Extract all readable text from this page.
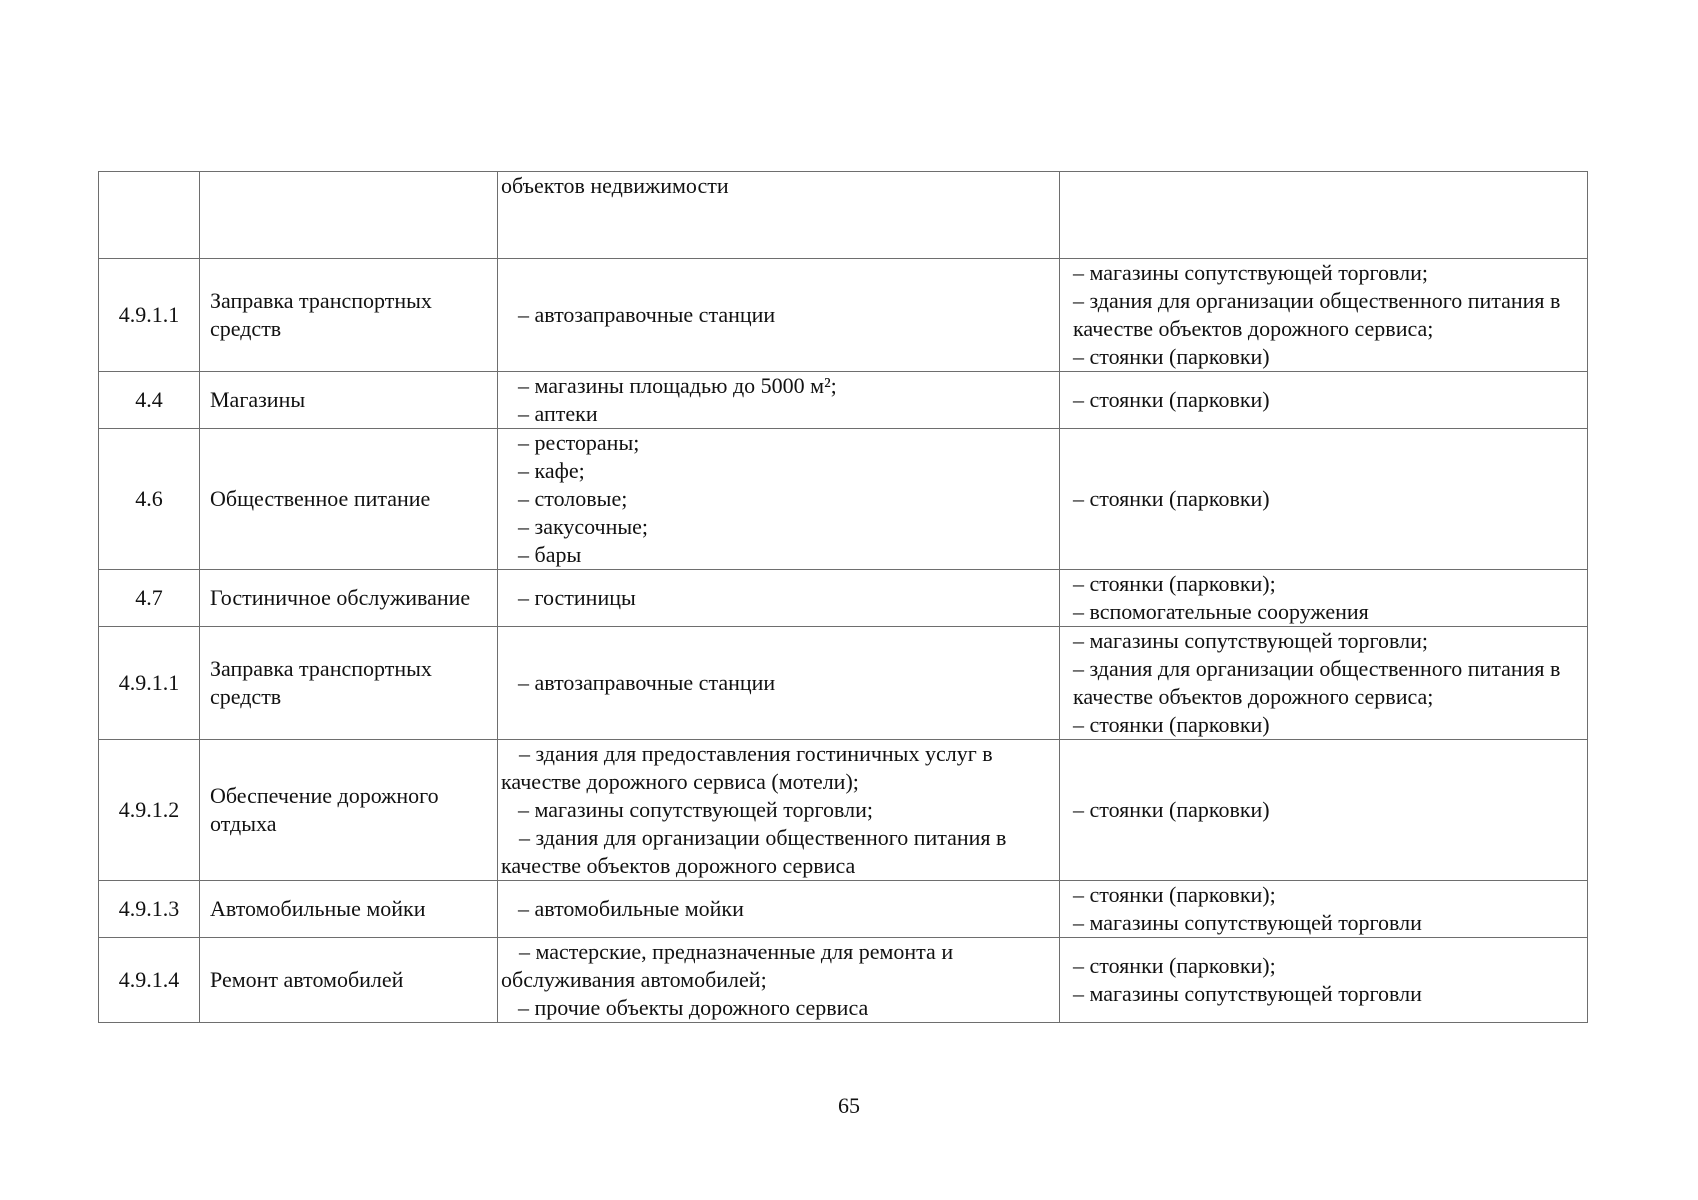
		объектов недвижимости	

4.9.1.1	Заправка транспортных средств	– автозаправочные станции	– магазины сопутствующей торговли;
– здания для организации общественного питания в качестве объектов дорожного сервиса;
– стоянки (парковки)

4.4	Магазины	– магазины площадью до 5000 м²;
– аптеки	– стоянки (парковки)

4.6	Общественное питание	– рестораны;
– кафе;
– столовые;
– закусочные;
– бары	– стоянки (парковки)

4.7	Гостиничное обслуживание	– гостиницы	– стоянки (парковки);
– вспомогательные сооружения

4.9.1.1	Заправка транспортных средств	– автозаправочные станции	– магазины сопутствующей торговли;
– здания для организации общественного питания в качестве объектов дорожного сервиса;
– стоянки (парковки)

4.9.1.2	Обеспечение дорожного отдыха	– здания для предоставления гостиничных услуг в качестве дорожного сервиса (мотели);
– магазины сопутствующей торговли;
– здания для организации общественного питания в качестве объектов дорожного сервиса	– стоянки (парковки)

4.9.1.3	Автомобильные мойки	– автомобильные мойки	– стоянки (парковки);
– магазины сопутствующей торговли

4.9.1.4	Ремонт автомобилей	– мастерские, предназначенные для ремонта и обслуживания автомобилей;
– прочие объекты дорожного сервиса	– стоянки (парковки);
– магазины сопутствующей торговли
65
